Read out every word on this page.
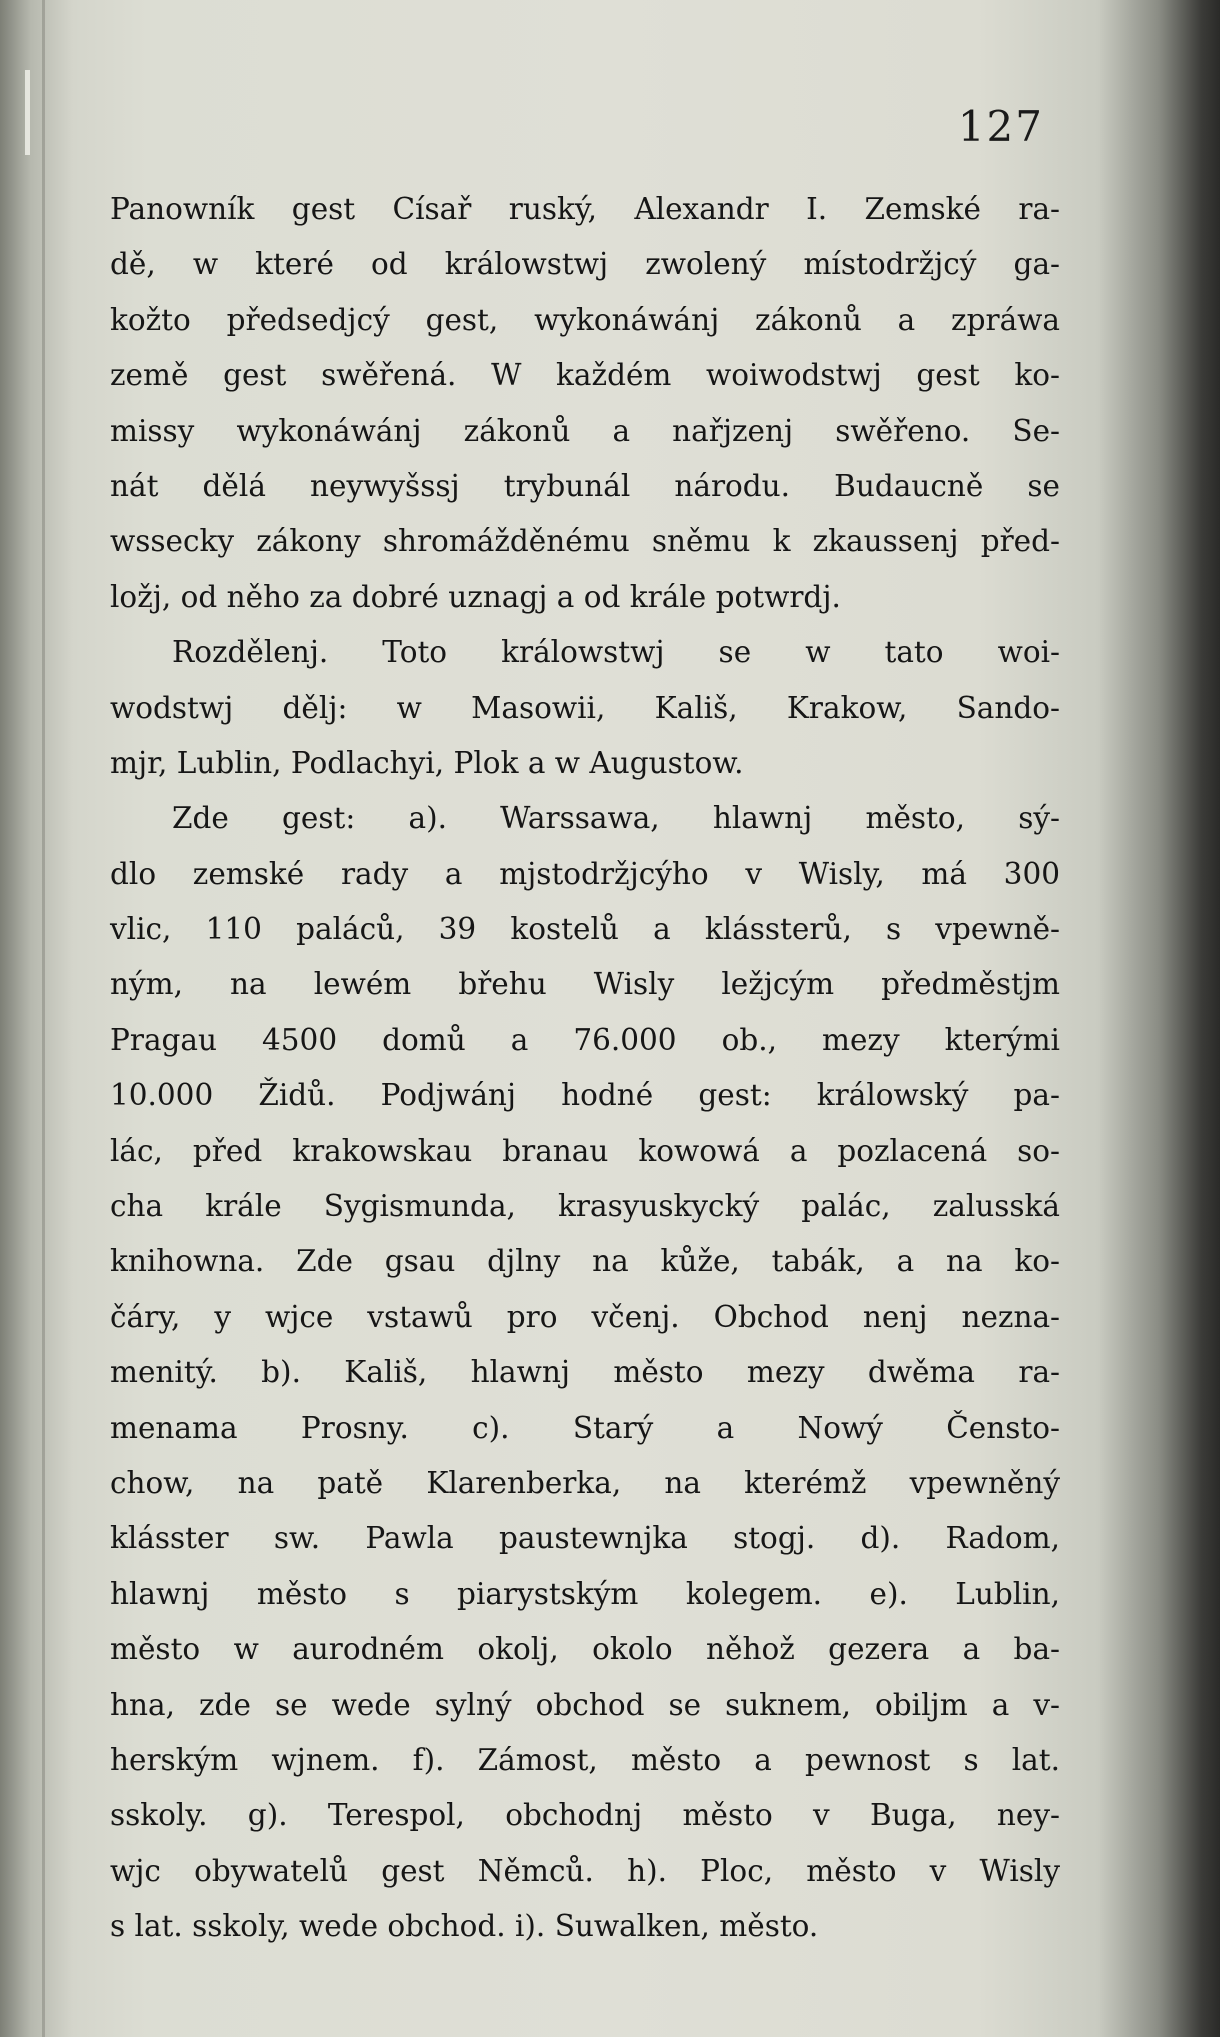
127
Panowník gest Císař ruský, Alexandr I. Zemské ra-
dě, w které od králowstwj zwolený místodržjcý ga-
kožto předsedjcý gest, wykonáwánj zákonů a zpráwa
země gest swěřená. W každém woiwodstwj gest ko-
missy wykonáwánj zákonů a nařjzenj swěřeno. Se-
nát dělá neywyšssj trybunál národu. Budaucně se
wssecky zákony shromážděnému sněmu k zkaussenj před-
ložj, od něho za dobré uznagj a od krále potwrdj.
Rozdělenj. Toto králowstwj se w tato woi-
wodstwj dělj: w Masowii, Kališ, Krakow, Sando-
mjr, Lublin, Podlachyi, Plok a w Augustow.
Zde gest: a). Warssawa, hlawnj město, sý-
dlo zemské rady a mjstodržjcýho v Wisly, má 300
vlic, 110 paláců, 39 kostelů a klássterů, s vpewně-
ným, na lewém břehu Wisly ležjcým předměstjm
Pragau 4500 domů a 76.000 ob., mezy kterými
10.000 Židů. Podjwánj hodné gest: králowský pa-
lác, před krakowskau branau kowowá a pozlacená so-
cha krále Sygismunda, krasyuskycký palác, zalusská
knihowna. Zde gsau djlny na kůže, tabák, a na ko-
čáry, y wjce vstawů pro včenj. Obchod nenj nezna-
menitý. b). Kališ, hlawnj město mezy dwěma ra-
menama Prosny. c). Starý a Nowý Čenstо-
chow, na patě Klarenberka, na kterémž vpewněný
klásster sw. Pawla paustewnjka stogj. d). Radom,
hlawnj město s piarystským kolegem. e). Lublin,
město w aurodném okolj, okolo něhož gezera a ba-
hna, zde se wede sylný obchod se suknem, obiljm a v-
herským wjnem. f). Zámost, město a pewnost s lat.
sskoly. g). Terespol, obchodnj město v Buga, ney-
wjc obywatelů gest Němců. h). Ploc, město v Wisly
s lat. sskoly, wede obchod. i). Suwalken, město.
